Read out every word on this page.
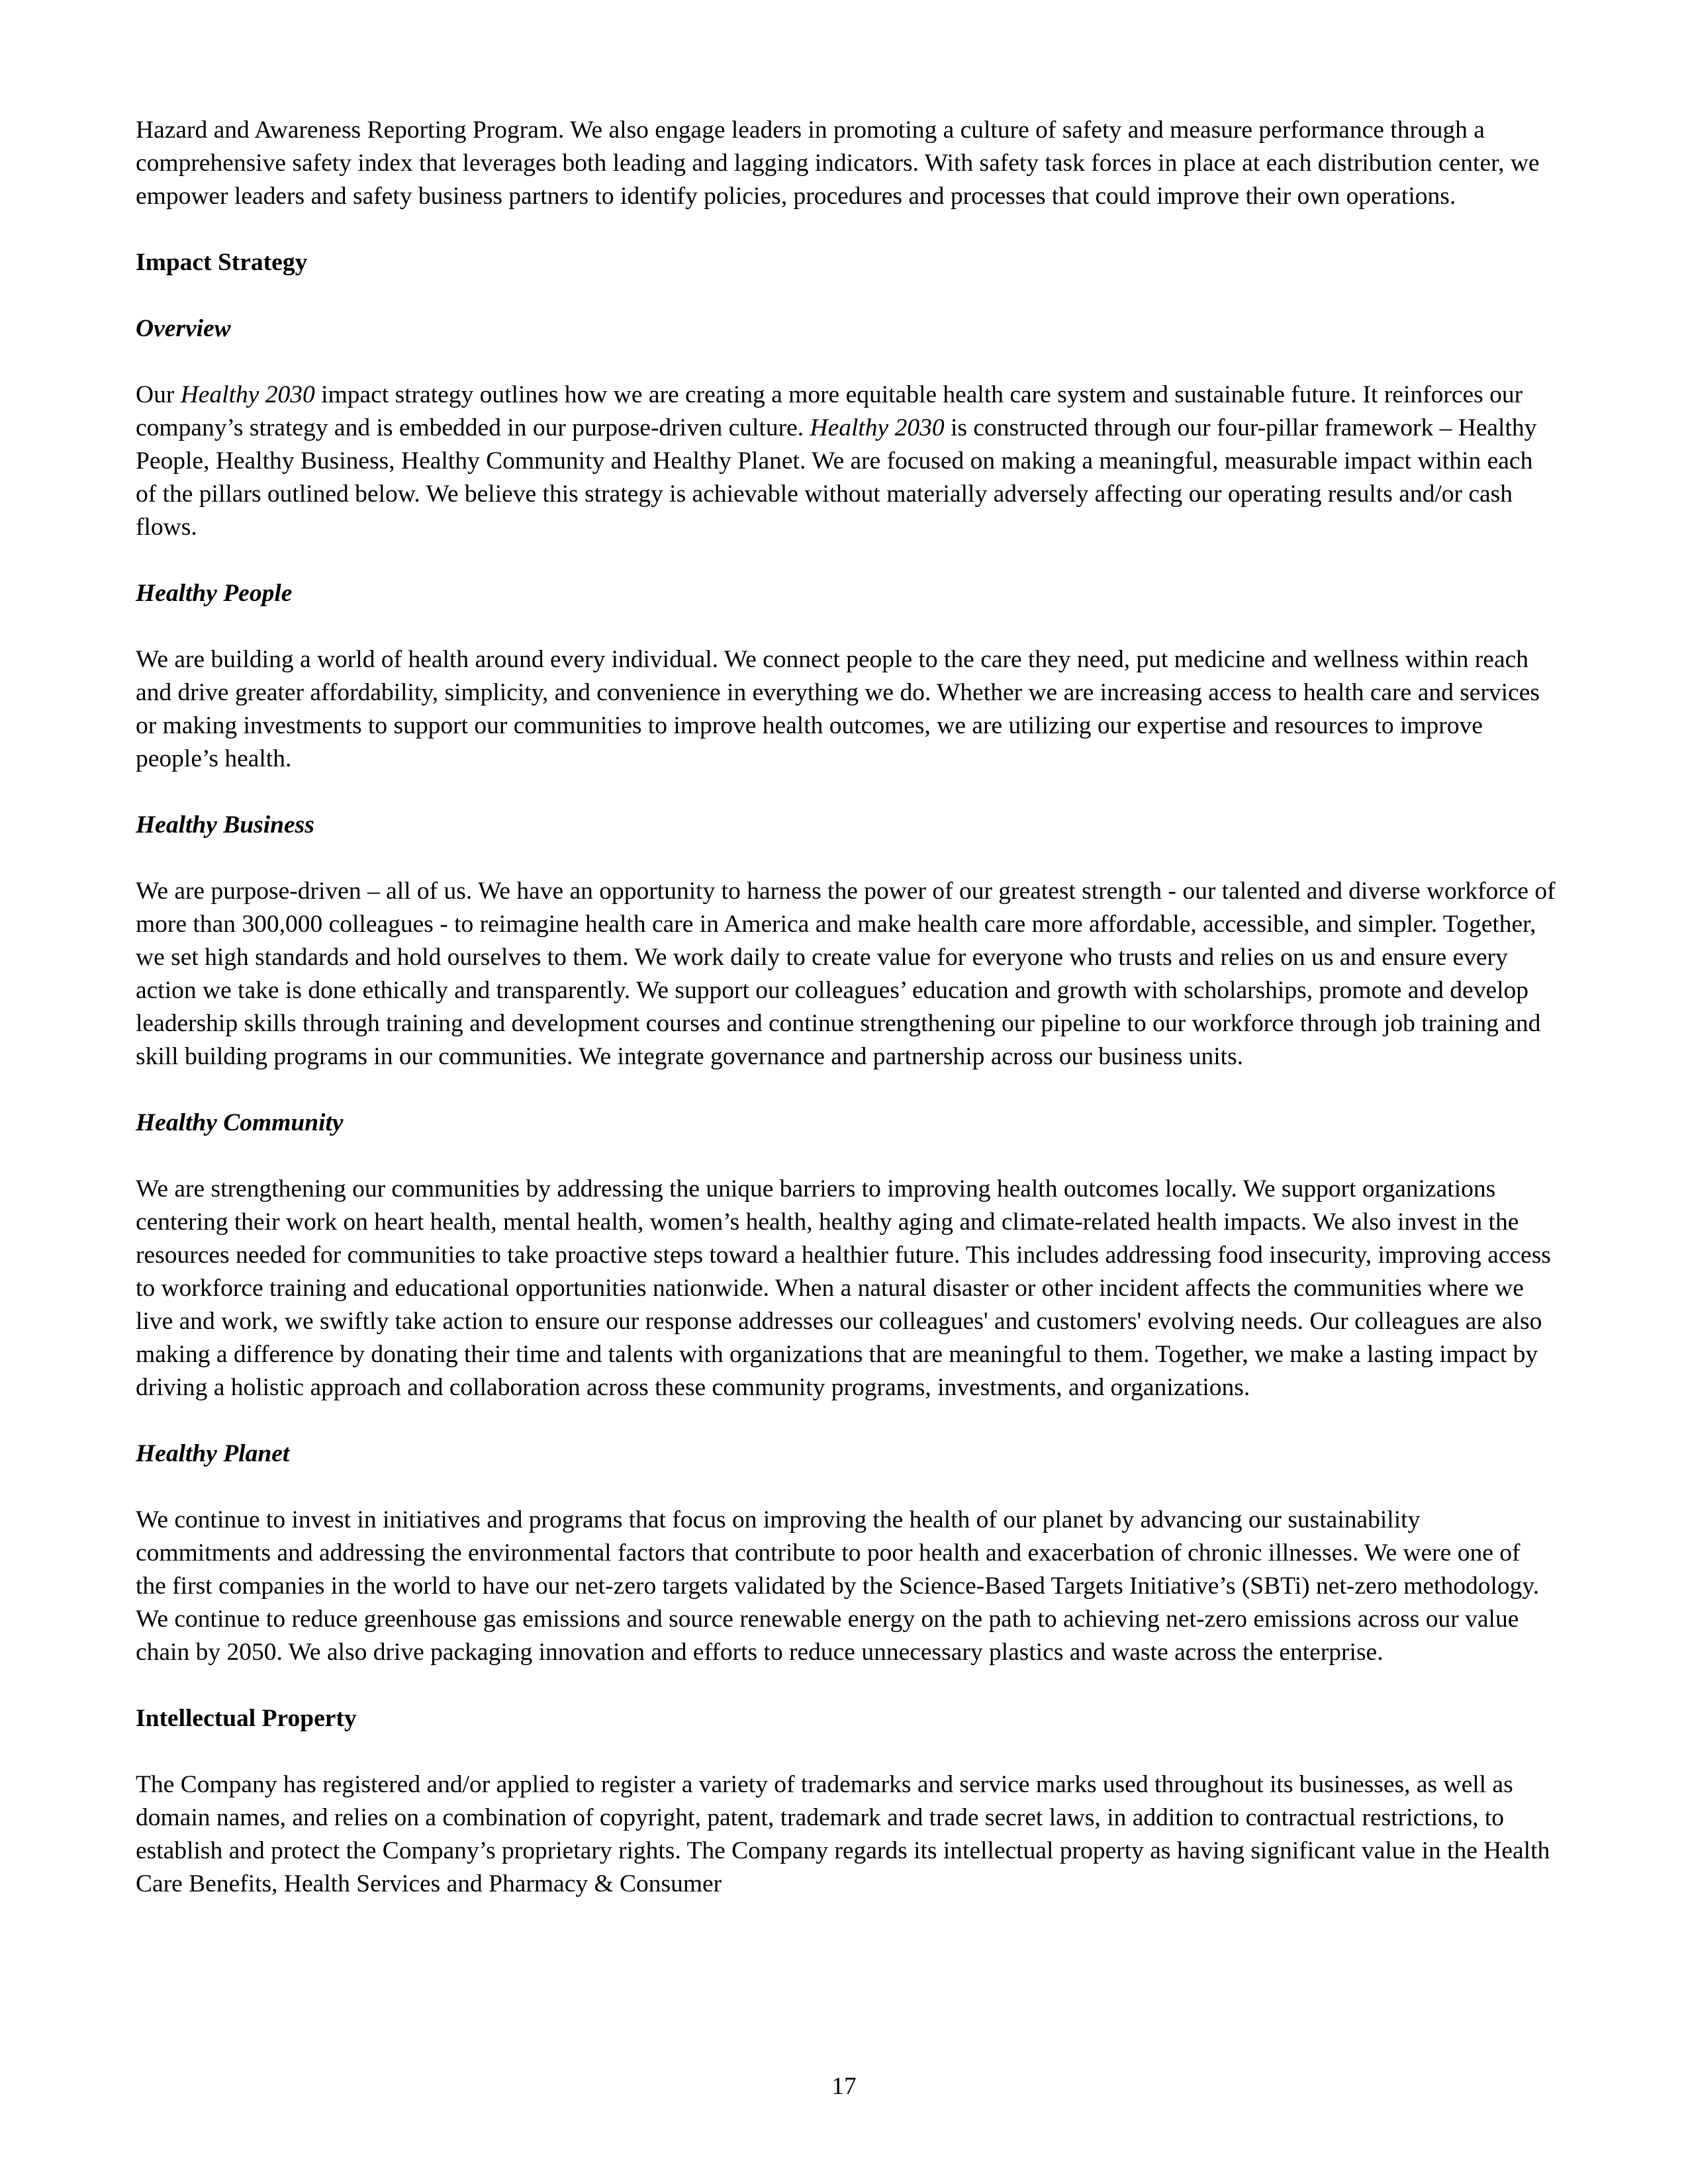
Hazard and Awareness Reporting Program. We also engage leaders in promoting a culture of safety and measure performance through a comprehensive safety index that leverages both leading and lagging indicators. With safety task forces in place at each distribution center, we empower leaders and safety business partners to identify policies, procedures and processes that could improve their own operations.

Impact Strategy

Overview

Our Healthy 2030 impact strategy outlines how we are creating a more equitable health care system and sustainable future. It reinforces our company’s strategy and is embedded in our purpose-driven culture. Healthy 2030 is constructed through our four-pillar framework – Healthy People, Healthy Business, Healthy Community and Healthy Planet. We are focused on making a meaningful, measurable impact within each of the pillars outlined below. We believe this strategy is achievable without materially adversely affecting our operating results and/or cash flows.

Healthy People

We are building a world of health around every individual. We connect people to the care they need, put medicine and wellness within reach and drive greater affordability, simplicity, and convenience in everything we do. Whether we are increasing access to health care and services or making investments to support our communities to improve health outcomes, we are utilizing our expertise and resources to improve people’s health.

Healthy Business

We are purpose-driven – all of us. We have an opportunity to harness the power of our greatest strength - our talented and diverse workforce of more than 300,000 colleagues - to reimagine health care in America and make health care more affordable, accessible, and simpler. Together, we set high standards and hold ourselves to them. We work daily to create value for everyone who trusts and relies on us and ensure every action we take is done ethically and transparently. We support our colleagues’ education and growth with scholarships, promote and develop leadership skills through training and development courses and continue strengthening our pipeline to our workforce through job training and skill building programs in our communities. We integrate governance and partnership across our business units.

Healthy Community

We are strengthening our communities by addressing the unique barriers to improving health outcomes locally. We support organizations centering their work on heart health, mental health, women’s health, healthy aging and climate-related health impacts. We also invest in the resources needed for communities to take proactive steps toward a healthier future. This includes addressing food insecurity, improving access to workforce training and educational opportunities nationwide. When a natural disaster or other incident affects the communities where we live and work, we swiftly take action to ensure our response addresses our colleagues' and customers' evolving needs. Our colleagues are also making a difference by donating their time and talents with organizations that are meaningful to them. Together, we make a lasting impact by driving a holistic approach and collaboration across these community programs, investments, and organizations.

Healthy Planet

We continue to invest in initiatives and programs that focus on improving the health of our planet by advancing our sustainability commitments and addressing the environmental factors that contribute to poor health and exacerbation of chronic illnesses. We were one of the first companies in the world to have our net-zero targets validated by the Science-Based Targets Initiative’s (SBTi) net-zero methodology. We continue to reduce greenhouse gas emissions and source renewable energy on the path to achieving net-zero emissions across our value chain by 2050. We also drive packaging innovation and efforts to reduce unnecessary plastics and waste across the enterprise.

Intellectual Property

The Company has registered and/or applied to register a variety of trademarks and service marks used throughout its businesses, as well as domain names, and relies on a combination of copyright, patent, trademark and trade secret laws, in addition to contractual restrictions, to establish and protect the Company’s proprietary rights. The Company regards its intellectual property as having significant value in the Health Care Benefits, Health Services and Pharmacy & Consumer

17
